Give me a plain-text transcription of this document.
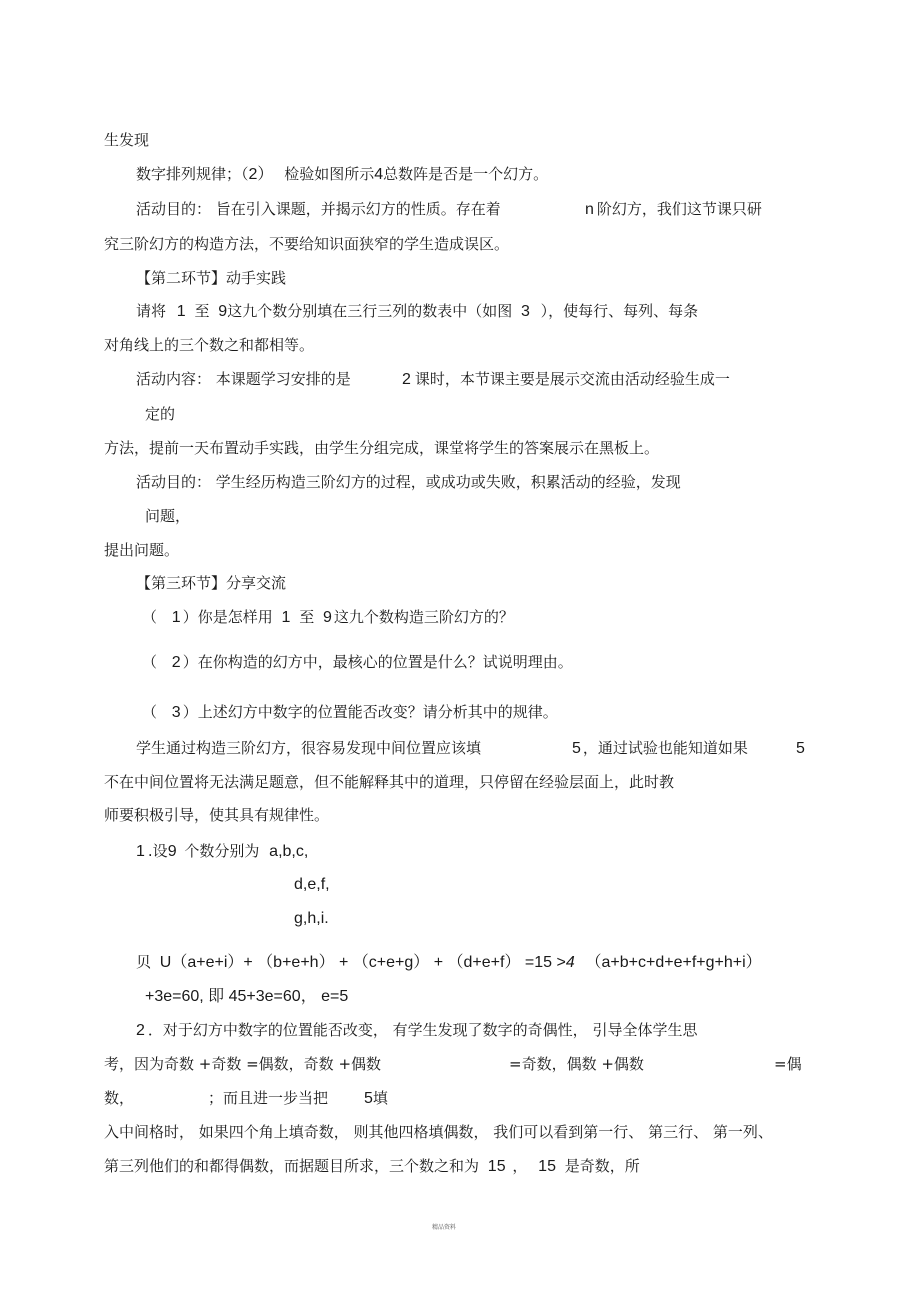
生发现
数字排列规律；（2） 检验如图所示4总数阵是否是一个幻方。
活动目的： 旨在引入课题，并揭示幻方的性质。存在着	n 阶幻方，我们这节课只研
究三阶幻方的构造方法，不要给知识面狭窄的学生造成误区。
【第二环节】动手实践
请将 1 至 9这九个数分别填在三行三列的数表中（如图 3 ），使每行、每列、每条
对角线上的三个数之和都相等。
活动内容： 本课题学习安排的是	2 课时，本节课主要是展示交流由活动经验生成一
定的
方法，提前一天布置动手实践，由学生分组完成，课堂将学生的答案展示在黑板上。
活动目的： 学生经历构造三阶幻方的过程，或成功或失败，积累活动的经验，发现
问题，
提出问题。
【第三环节】分享交流
（ 1 ）你是怎样用 1 至 9 这九个数构造三阶幻方的？
（ 2 ）在你构造的幻方中，最核心的位置是什么？试说明理由。
（ 3 ）上述幻方中数字的位置能否改变？请分析其中的规律。
学生通过构造三阶幻方，很容易发现中间位置应该填	5 ，通过试验也能知道如果	5
不在中间位置将无法满足题意，但不能解释其中的道理，只停留在经验层面上，此时教
师要积极引导，使其具有规律性。
1 .设9 个数分别为 a,b,c,
d,e,f,
g,h,i.
贝 U（a+e+i）+ （b+e+h） + （c+e+g） + （d+e+f） =15 >4 （a+b+c+d+e+f+g+h+i）
+3e=60, 即 45+3e=60， e=5
2 ．对于幻方中数字的位置能否改变， 有学生发现了数字的奇偶性， 引导全体学生思
考，因为奇数 +奇数 =偶数，奇数 +偶数	=奇数，偶数 +偶数	=偶
数，	；而且进一步当把 5填
入中间格时， 如果四个角上填奇数， 则其他四格填偶数， 我们可以看到第一行、 第三行、 第一列、
第三列他们的和都得偶数，而据题目所求，三个数之和为 15 ， 15 是奇数，所
精品资料
